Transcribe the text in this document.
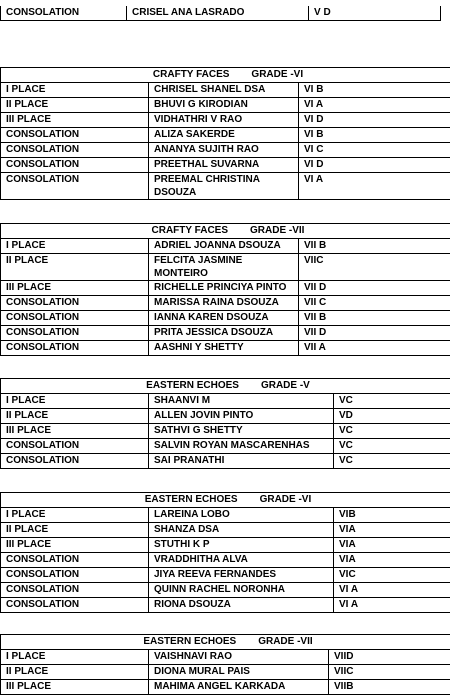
CONSOLATION	CRISEL ANA LASRADO	V D
CRAFTY FACES GRADE -VI		
I PLACE	CHRISEL SHANEL DSA	VI B
II PLACE	BHUVI G KIRODIAN	VI A
III PLACE	VIDHATHRI V RAO	VI D
CONSOLATION	ALIZA SAKERDE	VI B
CONSOLATION	ANANYA SUJITH RAO	VI C
CONSOLATION	PREETHAL SUVARNA	VI D
CONSOLATION	PREEMAL CHRISTINA DSOUZA	VI A
CRAFTY FACES GRADE -VII		
I PLACE	ADRIEL JOANNA DSOUZA	VII B
II PLACE	FELCITA JASMINE MONTEIRO	VIIC
III PLACE	RICHELLE PRINCIYA PINTO	VII D
CONSOLATION	MARISSA RAINA DSOUZA	VII C
CONSOLATION	IANNA KAREN DSOUZA	VII B
CONSOLATION	PRITA JESSICA DSOUZA	VII D
CONSOLATION	AASHNI Y SHETTY	VII A
EASTERN ECHOES GRADE -V		
I PLACE	SHAANVI M	VC
II PLACE	ALLEN JOVIN PINTO	VD
III PLACE	SATHVI G SHETTY	VC
CONSOLATION	SALVIN ROYAN MASCARENHAS	VC
CONSOLATION	SAI PRANATHI	VC
EASTERN ECHOES GRADE -VI		
I PLACE	LAREINA LOBO	VIB
II PLACE	SHANZA DSA	VIA
III PLACE	STUTHI K P	VIA
CONSOLATION	VRADDHITHA ALVA	VIA
CONSOLATION	JIYA REEVA FERNANDES	VIC
CONSOLATION	QUINN RACHEL NORONHA	VI A
CONSOLATION	RIONA DSOUZA	VI A
EASTERN ECHOES GRADE -VII		
I PLACE	VAISHNAVI RAO	VIID
II PLACE	DIONA MURAL PAIS	VIIC
III PLACE	MAHIMA ANGEL KARKADA	VIIB
